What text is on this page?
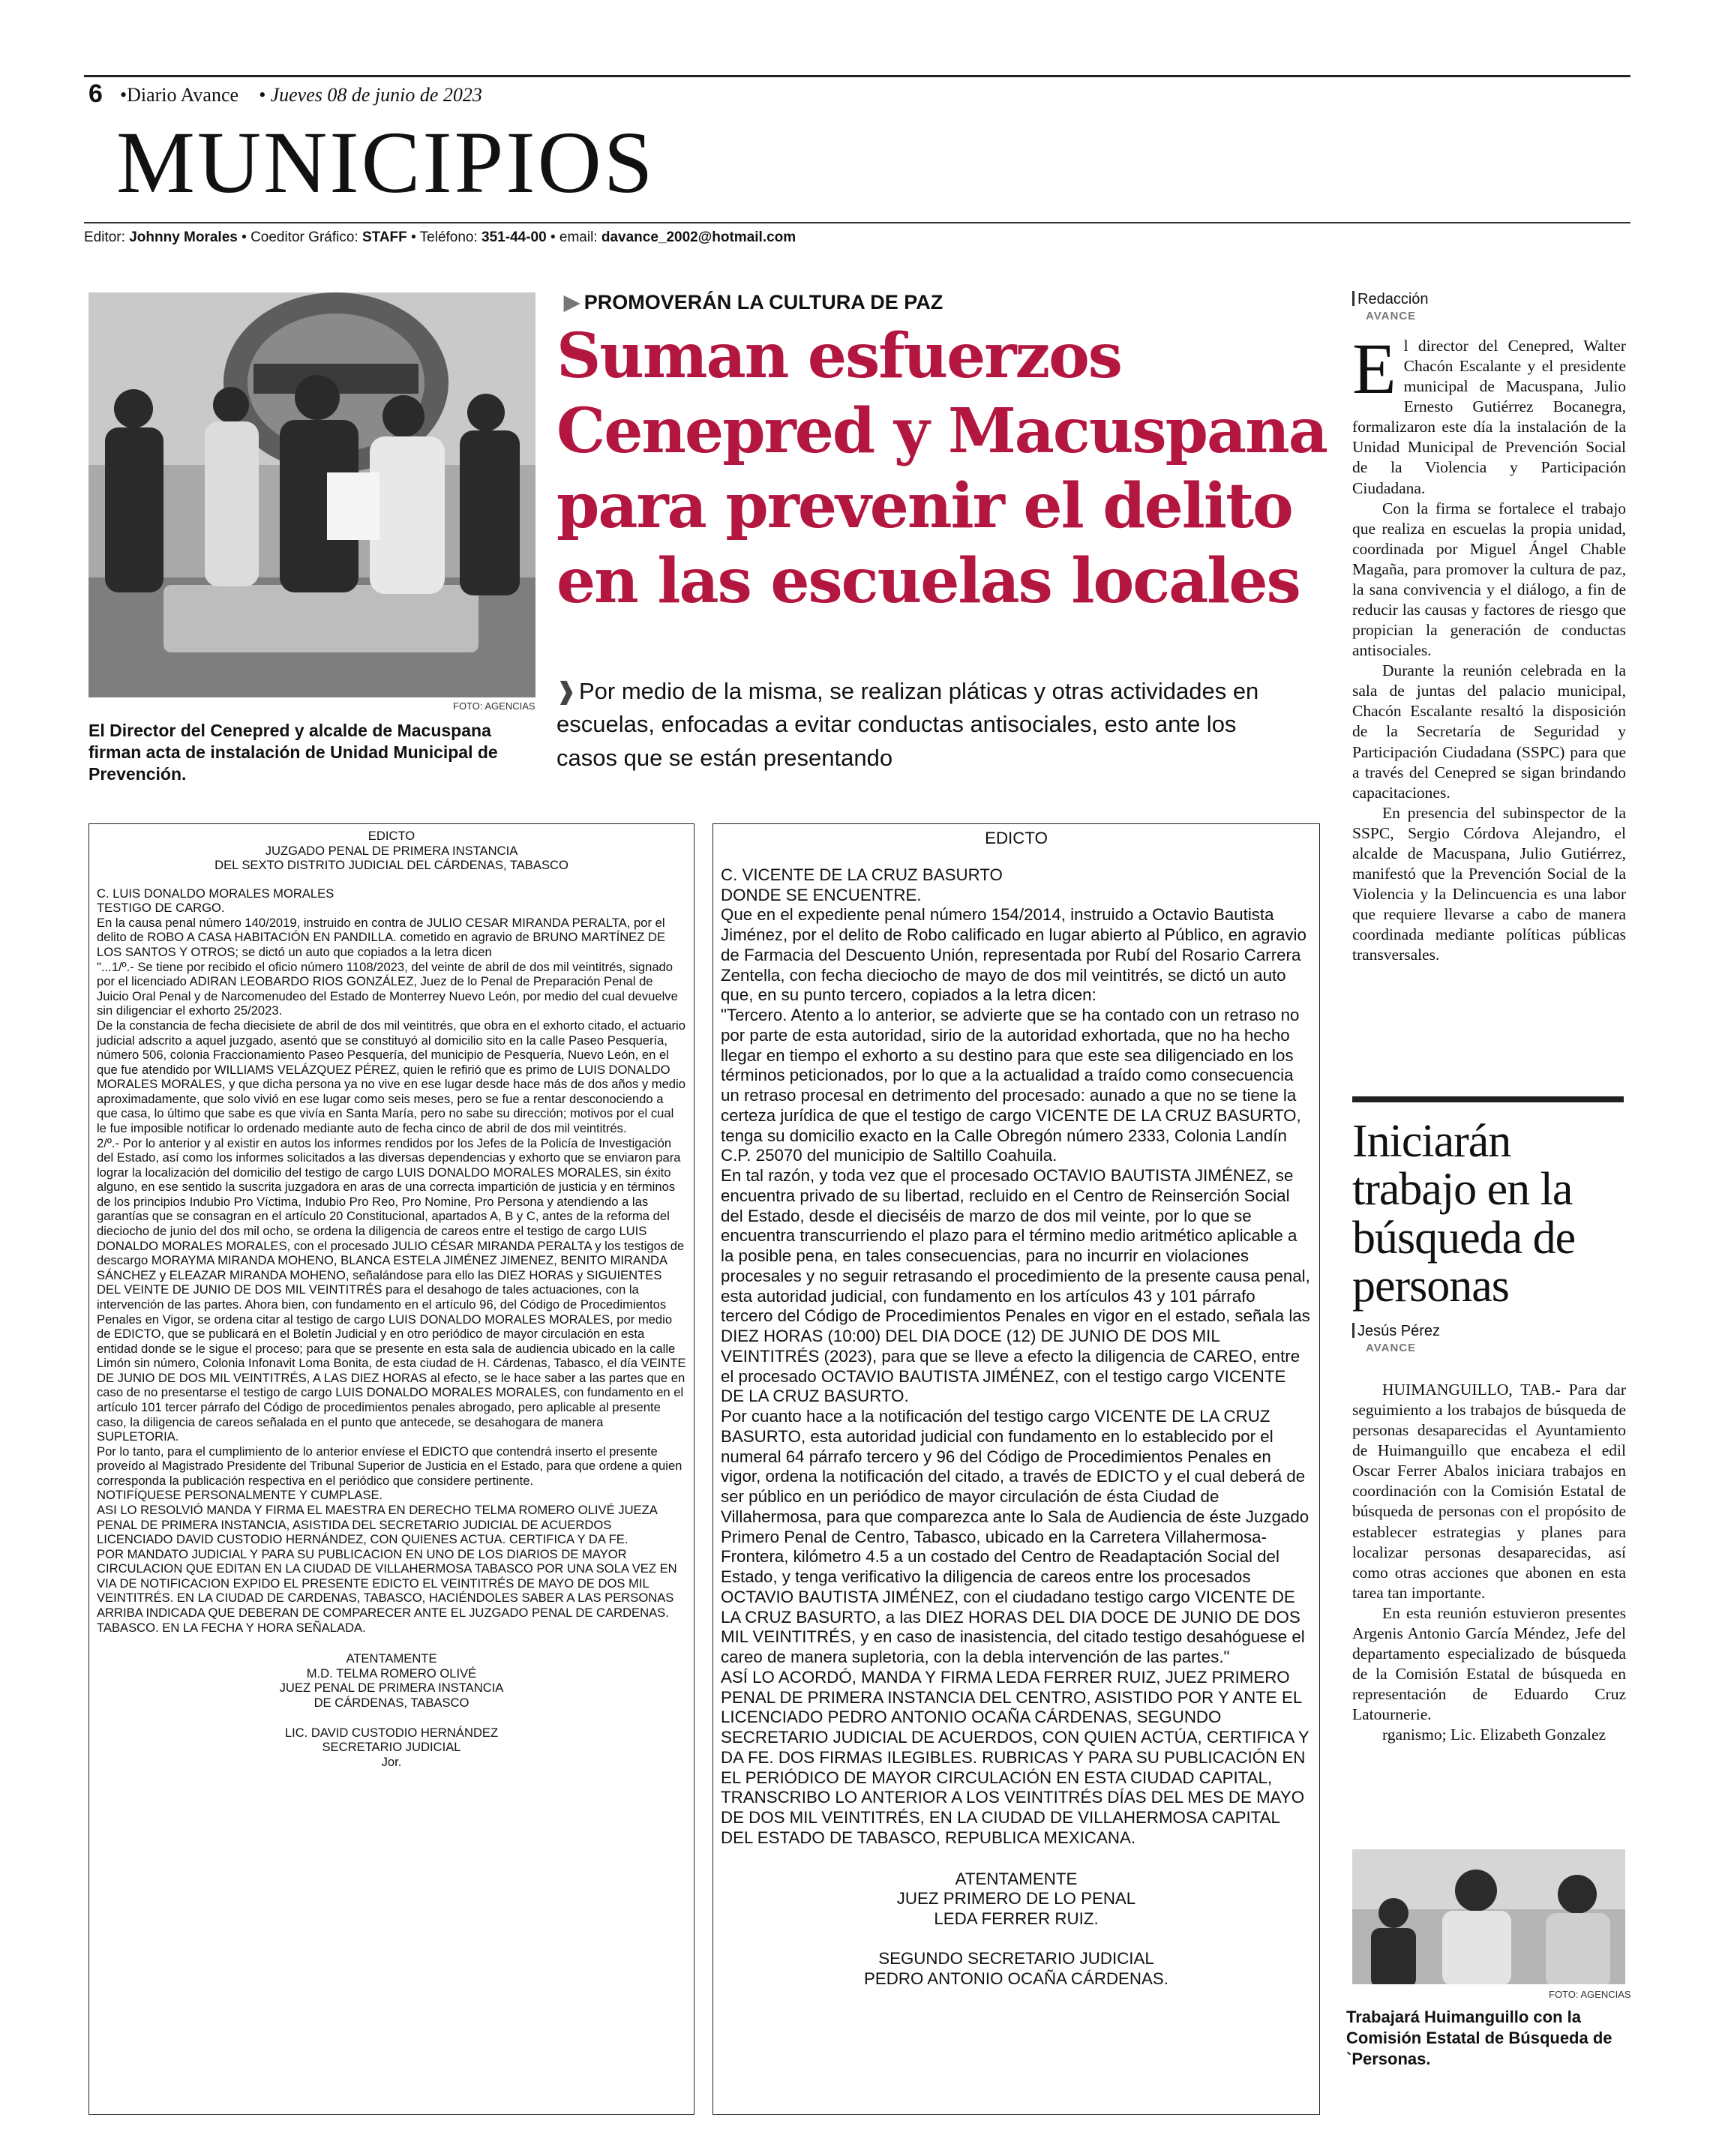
6 •Diario Avance • Jueves 08 de junio de 2023
MUNICIPIOS
Editor: Johnny Morales • Coeditor Gráfico: STAFF • Teléfono: 351-44-00 • email: davance_2002@hotmail.com
FOTO: AGENCIAS
El Director del Cenepred y alcalde de Macuspana firman acta de instalación de Unidad Municipal de Prevención.
▶ PROMOVERÁN LA CULTURA DE PAZ
Suman esfuerzos Cenepred y Macuspana para prevenir el delito en las escuelas locales
❱ Por medio de la misma, se realizan pláticas y otras actividades en escuelas, enfocadas a evitar conductas antisociales, esto ante los casos que se están presentando
Redacción
AVANCE

El director del Cenepred, Walter Chacón Escalante y el presidente municipal de Macuspana, Julio Ernesto Gutiérrez Bocanegra, formalizaron este día la instalación de la Unidad Municipal de Prevención Social de la Violencia y Participación Ciudadana.

Con la firma se fortalece el trabajo que realiza en escuelas la propia unidad, coordinada por Miguel Ángel Chable Magaña, para promover la cultura de paz, la sana convivencia y el diálogo, a fin de reducir las causas y factores de riesgo que propician la generación de conductas antisociales.

Durante la reunión celebrada en la sala de juntas del palacio municipal, Chacón Escalante resaltó la disposición de la Secretaría de Seguridad y Participación Ciudadana (SSPC) para que a través del Cenepred se sigan brindando capacitaciones.

En presencia del subinspector de la SSPC, Sergio Córdova Alejandro, el alcalde de Macuspana, Julio Gutiérrez, manifestó que la Prevención Social de la Violencia y la Delincuencia es una labor que requiere llevarse a cabo de manera coordinada mediante políticas públicas transversales.

Iniciarán trabajo en la búsqueda de personas
Jesús Pérez
AVANCE

HUIMANGUILLO, TAB.- Para dar seguimiento a los trabajos de búsqueda de personas desaparecidas el Ayuntamiento de Huimanguillo que encabeza el edil Oscar Ferrer Abalos iniciara trabajos en coordinación con la Comisión Estatal de búsqueda de personas con el propósito de establecer estrategias y planes para localizar personas desaparecidas, así como otras acciones que abonen en esta tarea tan importante.

En esta reunión estuvieron presentes Argenis Antonio García Méndez, Jefe del departamento especializado de búsqueda de la Comisión Estatal de búsqueda en representación de Eduardo Cruz Latournerie.

rganismo; Lic. Elizabeth Gonzalez

FOTO: AGENCIAS
Trabajará Huimanguillo con la Comisión Estatal de Búsqueda de `Personas.
EDICTO
JUZGADO PENAL DE PRIMERA INSTANCIA
DEL SEXTO DISTRITO JUDICIAL DEL CÁRDENAS, TABASCO
C. LUIS DONALDO MORALES MORALES
TESTIGO DE CARGO.

En la causa penal número 140/2019, instruido en contra de JULIO CESAR MIRANDA PERALTA, por el delito de ROBO A CASA HABITACIÓN EN PANDILLA. cometido en agravio de BRUNO MARTÍNEZ DE LOS SANTOS Y OTROS; se dictó un auto que copiados a la letra dicen

"...1/º.- Se tiene por recibido el oficio número 1108/2023, del veinte de abril de dos mil veintitrés, signado por el licenciado ADIRAN LEOBARDO RIOS GONZÁLEZ, Juez de lo Penal de Preparación Penal de Juicio Oral Penal y de Narcomenudeo del Estado de Monterrey Nuevo León, por medio del cual devuelve sin diligenciar el exhorto 25/2023.

De la constancia de fecha diecisiete de abril de dos mil veintitrés, que obra en el exhorto citado, el actuario judicial adscrito a aquel juzgado, asentó que se constituyó al domicilio sito en la calle Paseo Pesquería, número 506, colonia Fraccionamiento Paseo Pesquería, del municipio de Pesquería, Nuevo León, en el que fue atendido por WILLIAMS VELÁZQUEZ PÉREZ, quien le refirió que es primo de LUIS DONALDO MORALES MORALES, y que dicha persona ya no vive en ese lugar desde hace más de dos años y medio aproximadamente, que solo vivió en ese lugar como seis meses, pero se fue a rentar desconociendo a que casa, lo último que sabe es que vivía en Santa María, pero no sabe su dirección; motivos por el cual le fue imposible notificar lo ordenado mediante auto de fecha cinco de abril de dos mil veintitrés.

2/º.- Por lo anterior y al existir en autos los informes rendidos por los Jefes de la Policía de Investigación del Estado, así como los informes solicitados a las diversas dependencias y exhorto que se enviaron para lograr la localización del domicilio del testigo de cargo LUIS DONALDO MORALES MORALES, sin éxito alguno, en ese sentido la suscrita juzgadora en aras de una correcta impartición de justicia y en términos de los principios Indubio Pro Víctima, Indubio Pro Reo, Pro Nomine, Pro Persona y atendiendo a las garantías que se consagran en el artículo 20 Constitucional, apartados A, B y C, antes de la reforma del dieciocho de junio del dos mil ocho, se ordena la diligencia de careos entre el testigo de cargo LUIS DONALDO MORALES MORALES, con el procesado JULIO CÉSAR MIRANDA PERALTA y los testigos de descargo MORAYMA MIRANDA MOHENO, BLANCA ESTELA JIMÉNEZ JIMENEZ, BENITO MIRANDA SÁNCHEZ y ELEAZAR MIRANDA MOHENO, señalándose para ello las DIEZ HORAS y SIGUIENTES DEL VEINTE DE JUNIO DE DOS MIL VEINTITRÉS para el desahogo de tales actuaciones, con la intervención de las partes. Ahora bien, con fundamento en el artículo 96, del Código de Procedimientos Penales en Vigor, se ordena citar al testigo de cargo LUIS DONALDO MORALES MORALES, por medio de EDICTO, que se publicará en el Boletín Judicial y en otro periódico de mayor circulación en esta entidad donde se le sigue el proceso; para que se presente en esta sala de audiencia ubicado en la calle Limón sin número, Colonia Infonavit Loma Bonita, de esta ciudad de H. Cárdenas, Tabasco, el día VEINTE DE JUNIO DE DOS MIL VEINTITRÉS, A LAS DIEZ HORAS al efecto, se le hace saber a las partes que en caso de no presentarse el testigo de cargo LUIS DONALDO MORALES MORALES, con fundamento en el artículo 101 tercer párrafo del Código de procedimientos penales abrogado, pero aplicable al presente caso, la diligencia de careos señalada en el punto que antecede, se desahogara de manera SUPLETORIA.

Por lo tanto, para el cumplimiento de lo anterior envíese el EDICTO que contendrá inserto el presente proveído al Magistrado Presidente del Tribunal Superior de Justicia en el Estado, para que ordene a quien corresponda la publicación respectiva en el periódico que considere pertinente.

NOTIFÍQUESE PERSONALMENTE Y CUMPLASE.

ASI LO RESOLVIÓ MANDA Y FIRMA EL MAESTRA EN DERECHO TELMA ROMERO OLIVÉ JUEZA PENAL DE PRIMERA INSTANCIA, ASISTIDA DEL SECRETARIO JUDICIAL DE ACUERDOS LICENCIADO DAVID CUSTODIO HERNÁNDEZ, CON QUIENES ACTUA. CERTIFICA Y DA FE.

POR MANDATO JUDICIAL Y PARA SU PUBLICACION EN UNO DE LOS DIARIOS DE MAYOR CIRCULACION QUE EDITAN EN LA CIUDAD DE VILLAHERMOSA TABASCO POR UNA SOLA VEZ EN VIA DE NOTIFICACION EXPIDO EL PRESENTE EDICTO EL VEINTITRÉS DE MAYO DE DOS MIL VEINTITRÉS. EN LA CIUDAD DE CARDENAS, TABASCO, HACIÉNDOLES SABER A LAS PERSONAS ARRIBA INDICADA QUE DEBERAN DE COMPARECER ANTE EL JUZGADO PENAL DE CARDENAS. TABASCO. EN LA FECHA Y HORA SEÑALADA.

ATENTAMENTE
M.D. TELMA ROMERO OLIVÉ
JUEZ PENAL DE PRIMERA INSTANCIA
DE CÁRDENAS, TABASCO
LIC. DAVID CUSTODIO HERNÁNDEZ
SECRETARIO JUDICIAL
Jor.
EDICTO
C. VICENTE DE LA CRUZ BASURTO
DONDE SE ENCUENTRE.

Que en el expediente penal número 154/2014, instruido a Octavio Bautista Jiménez, por el delito de Robo calificado en lugar abierto al Público, en agravio de Farmacia del Descuento Unión, representada por Rubí del Rosario Carrera Zentella, con fecha dieciocho de mayo de dos mil veintitrés, se dictó un auto que, en su punto tercero, copiados a la letra dicen:

"Tercero. Atento a lo anterior, se advierte que se ha contado con un retraso no por parte de esta autoridad, sirio de la autoridad exhortada, que no ha hecho llegar en tiempo el exhorto a su destino para que este sea diligenciado en los términos peticionados, por lo que a la actualidad a traído como consecuencia un retraso procesal en detrimento del procesado: aunado a que no se tiene la certeza jurídica de que el testigo de cargo VICENTE DE LA CRUZ BASURTO, tenga su domicilio exacto en la Calle Obregón número 2333, Colonia Landín C.P. 25070 del municipio de Saltillo Coahuila.

En tal razón, y toda vez que el procesado OCTAVIO BAUTISTA JIMÉNEZ, se encuentra privado de su libertad, recluido en el Centro de Reinserción Social del Estado, desde el dieciséis de marzo de dos mil veinte, por lo que se encuentra transcurriendo el plazo para el término medio aritmético aplicable a la posible pena, en tales consecuencias, para no incurrir en violaciones procesales y no seguir retrasando el procedimiento de la presente causa penal, esta autoridad judicial, con fundamento en los artículos 43 y 101 párrafo tercero del Código de Procedimientos Penales en vigor en el estado, señala las DIEZ HORAS (10:00) DEL DIA DOCE (12) DE JUNIO DE DOS MIL VEINTITRÉS (2023), para que se lleve a efecto la diligencia de CAREO, entre el procesado OCTAVIO BAUTISTA JIMÉNEZ, con el testigo cargo VICENTE DE LA CRUZ BASURTO.

Por cuanto hace a la notificación del testigo cargo VICENTE DE LA CRUZ BASURTO, esta autoridad judicial con fundamento en lo establecido por el numeral 64 párrafo tercero y 96 del Código de Procedimientos Penales en vigor, ordena la notificación del citado, a través de EDICTO y el cual deberá de ser público en un periódico de mayor circulación de ésta Ciudad de Villahermosa, para que comparezca ante lo Sala de Audiencia de éste Juzgado Primero Penal de Centro, Tabasco, ubicado en la Carretera Villahermosa-Frontera, kilómetro 4.5 a un costado del Centro de Readaptación Social del Estado, y tenga verificativo la diligencia de careos entre los procesados OCTAVIO BAUTISTA JIMÉNEZ, con el ciudadano testigo cargo VICENTE DE LA CRUZ BASURTO, a las DIEZ HORAS DEL DIA DOCE DE JUNIO DE DOS MIL VEINTITRÉS, y en caso de inasistencia, del citado testigo desahóguese el careo de manera supletoria, con la debla intervención de las partes."

ASÍ LO ACORDÓ, MANDA Y FIRMA LEDA FERRER RUIZ, JUEZ PRIMERO PENAL DE PRIMERA INSTANCIA DEL CENTRO, ASISTIDO POR Y ANTE EL LICENCIADO PEDRO ANTONIO OCAÑA CÁRDENAS, SEGUNDO SECRETARIO JUDICIAL DE ACUERDOS, CON QUIEN ACTÚA, CERTIFICA Y DA FE. DOS FIRMAS ILEGIBLES. RUBRICAS Y PARA SU PUBLICACIÓN EN EL PERIÓDICO DE MAYOR CIRCULACIÓN EN ESTA CIUDAD CAPITAL, TRANSCRIBO LO ANTERIOR A LOS VEINTITRÉS DÍAS DEL MES DE MAYO DE DOS MIL VEINTITRÉS, EN LA CIUDAD DE VILLAHERMOSA CAPITAL DEL ESTADO DE TABASCO, REPUBLICA MEXICANA.

ATENTAMENTE
JUEZ PRIMERO DE LO PENAL
LEDA FERRER RUIZ.
SEGUNDO SECRETARIO JUDICIAL
PEDRO ANTONIO OCAÑA CÁRDENAS.
